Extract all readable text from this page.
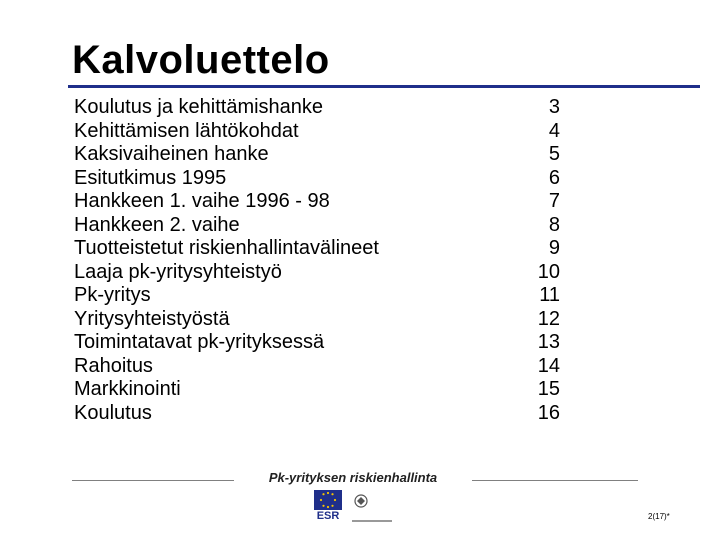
Kalvoluettelo
Koulutus ja kehittämishanke	3
Kehittämisen lähtökohdat	4
Kaksivaiheinen hanke	5
Esitutkimus 1995	6
Hankkeen 1. vaihe 1996 - 98	7
Hankkeen 2. vaihe	8
Tuotteistetut riskienhallintavälineet	9
Laaja pk-yritysyhteistyö	10
Pk-yritys	11
Yritysyhteistyöstä	12
Toimintatavat pk-yrityksessä	13
Rahoitus	14
Markkinointi	15
Koulutus	16
Pk-yrityksen riskienhallinta
ESR	2(17)*
